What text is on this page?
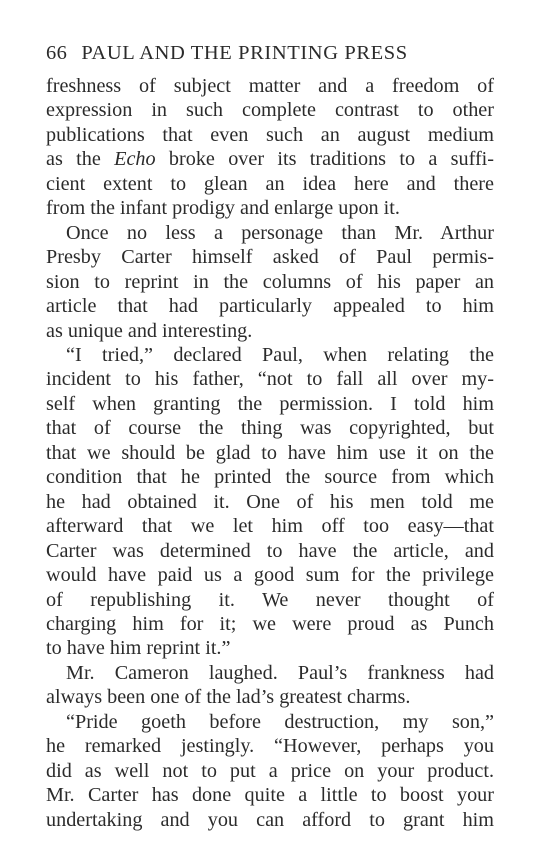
66 PAUL AND THE PRINTING PRESS
freshness of subject matter and a freedom of
expression in such complete contrast to other
publications that even such an august medium
as the Echo broke over its traditions to a suffi-
cient extent to glean an idea here and there
from the infant prodigy and enlarge upon it.
Once no less a personage than Mr. Arthur
Presby Carter himself asked of Paul permis-
sion to reprint in the columns of his paper an
article that had particularly appealed to him
as unique and interesting.
“I tried,” declared Paul, when relating the
incident to his father, “not to fall all over my-
self when granting the permission. I told him
that of course the thing was copyrighted, but
that we should be glad to have him use it on the
condition that he printed the source from which
he had obtained it. One of his men told me
afterward that we let him off too easy—that
Carter was determined to have the article, and
would have paid us a good sum for the privilege
of republishing it. We never thought of
charging him for it; we were proud as Punch
to have him reprint it.”
Mr. Cameron laughed. Paul’s frankness had
always been one of the lad’s greatest charms.
“Pride goeth before destruction, my son,”
he remarked jestingly. “However, perhaps you
did as well not to put a price on your product.
Mr. Carter has done quite a little to boost your
undertaking and you can afford to grant him
